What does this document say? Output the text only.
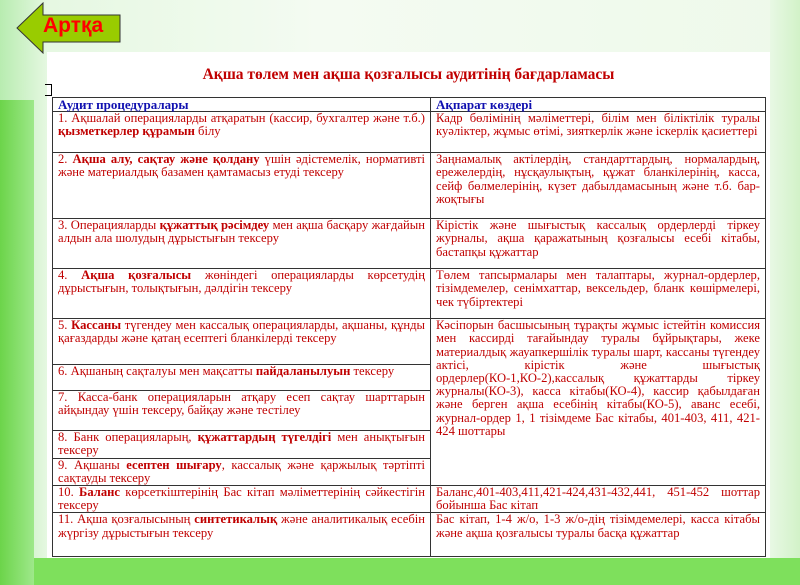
Артқа
Ақша төлем мен ақша қозғалысы аудитінің бағдарламасы
Аудит процедуралары	Ақпарат көздері
1. Ақшалай операцияларды атқаратын (кассир, бухгалтер және т.б.) қызметкерлер құрамын білу	Кадр бөлімінің мәліметтері, білім мен біліктілік туралы куәліктер, жұмыс өтімі, зияткерлік және іскерлік қасиеттері
2. Ақша алу, сақтау және қолдану үшін әдістемелік, нормативті және материалдық базамен қамтамасыз етуді тексеру	Заңнамалық актілердің, стандарттардың, нормалардың, ережелердің, нұсқаулықтың, құжат бланкілерінің, касса, сейф бөлмелерінің, күзет дабылдамасының және т.б. бар-жоқтығы
3. Операцияларды құжаттық рәсімдеу мен ақша басқару жағдайын алдын ала шолудың дұрыстығын тексеру	Кірістік және шығыстық кассалық ордерлерді тіркеу журналы, ақша қаражатының қозғалысы есебі кітабы, бастапқы құжаттар
4. Ақша қозғалысы жөніндегі операцияларды көрсетудің дұрыстығын, толықтығын, дәлдігін тексеру	Төлем тапсырмалары мен талаптары, журнал-ордерлер, тізімдемелер, сенімхаттар, вексельдер, бланк көшірмелері, чек түбіртектері
5. Кассаны түгендеу мен кассалық операцияларды, ақшаны, құнды қағаздарды және қатаң есептегі бланкілерді тексеру	Кәсіпорын басшысының тұрақты жұмыс істейтін комиссия мен кассирді тағайындау туралы бұйрықтары, жеке материалдық жауапкершілік туралы шарт, кассаны түгендеу актісі, кірістік және шығыстық ордерлер(КО-1,КО-2),кассалық құжаттарды тіркеу журналы(КО-3), касса кітабы(КО-4), кассир қабылдаған және берген ақша есебінің кітабы(КО-5), аванс есебі, журнал-ордер 1, 1 тізімдеме Бас кітабы, 401-403, 411, 421-424 шоттары
6. Ақшаның сақталуы мен мақсатты пайдаланылуын тексеру	
7. Касса-банк операцияларын атқару есеп сақтау шарттарын айқындау үшін тексеру, байқау және тестілеу	
8. Банк операцияларың, құжаттардың түгелдігі мен анықтығын тексеру	
9. Ақшаны есептен шығару, кассалық және қаржылық тәртіпті сақтауды тексеру	
10. Баланс көрсеткіштерінің Бас кітап мәліметтерінің сәйкестігін тексеру	Баланс,401-403,411,421-424,431-432,441, 451-452 шоттар бойынша Бас кітап
11. Ақша қозғалысының синтетикалық және аналитикалық есебін жүргізу дұрыстығын тексеру	Бас кітап, 1-4 ж/о, 1-3 ж/о-дің тізімдемелері, касса кітабы және ақша қозғалысы туралы басқа құжаттар
